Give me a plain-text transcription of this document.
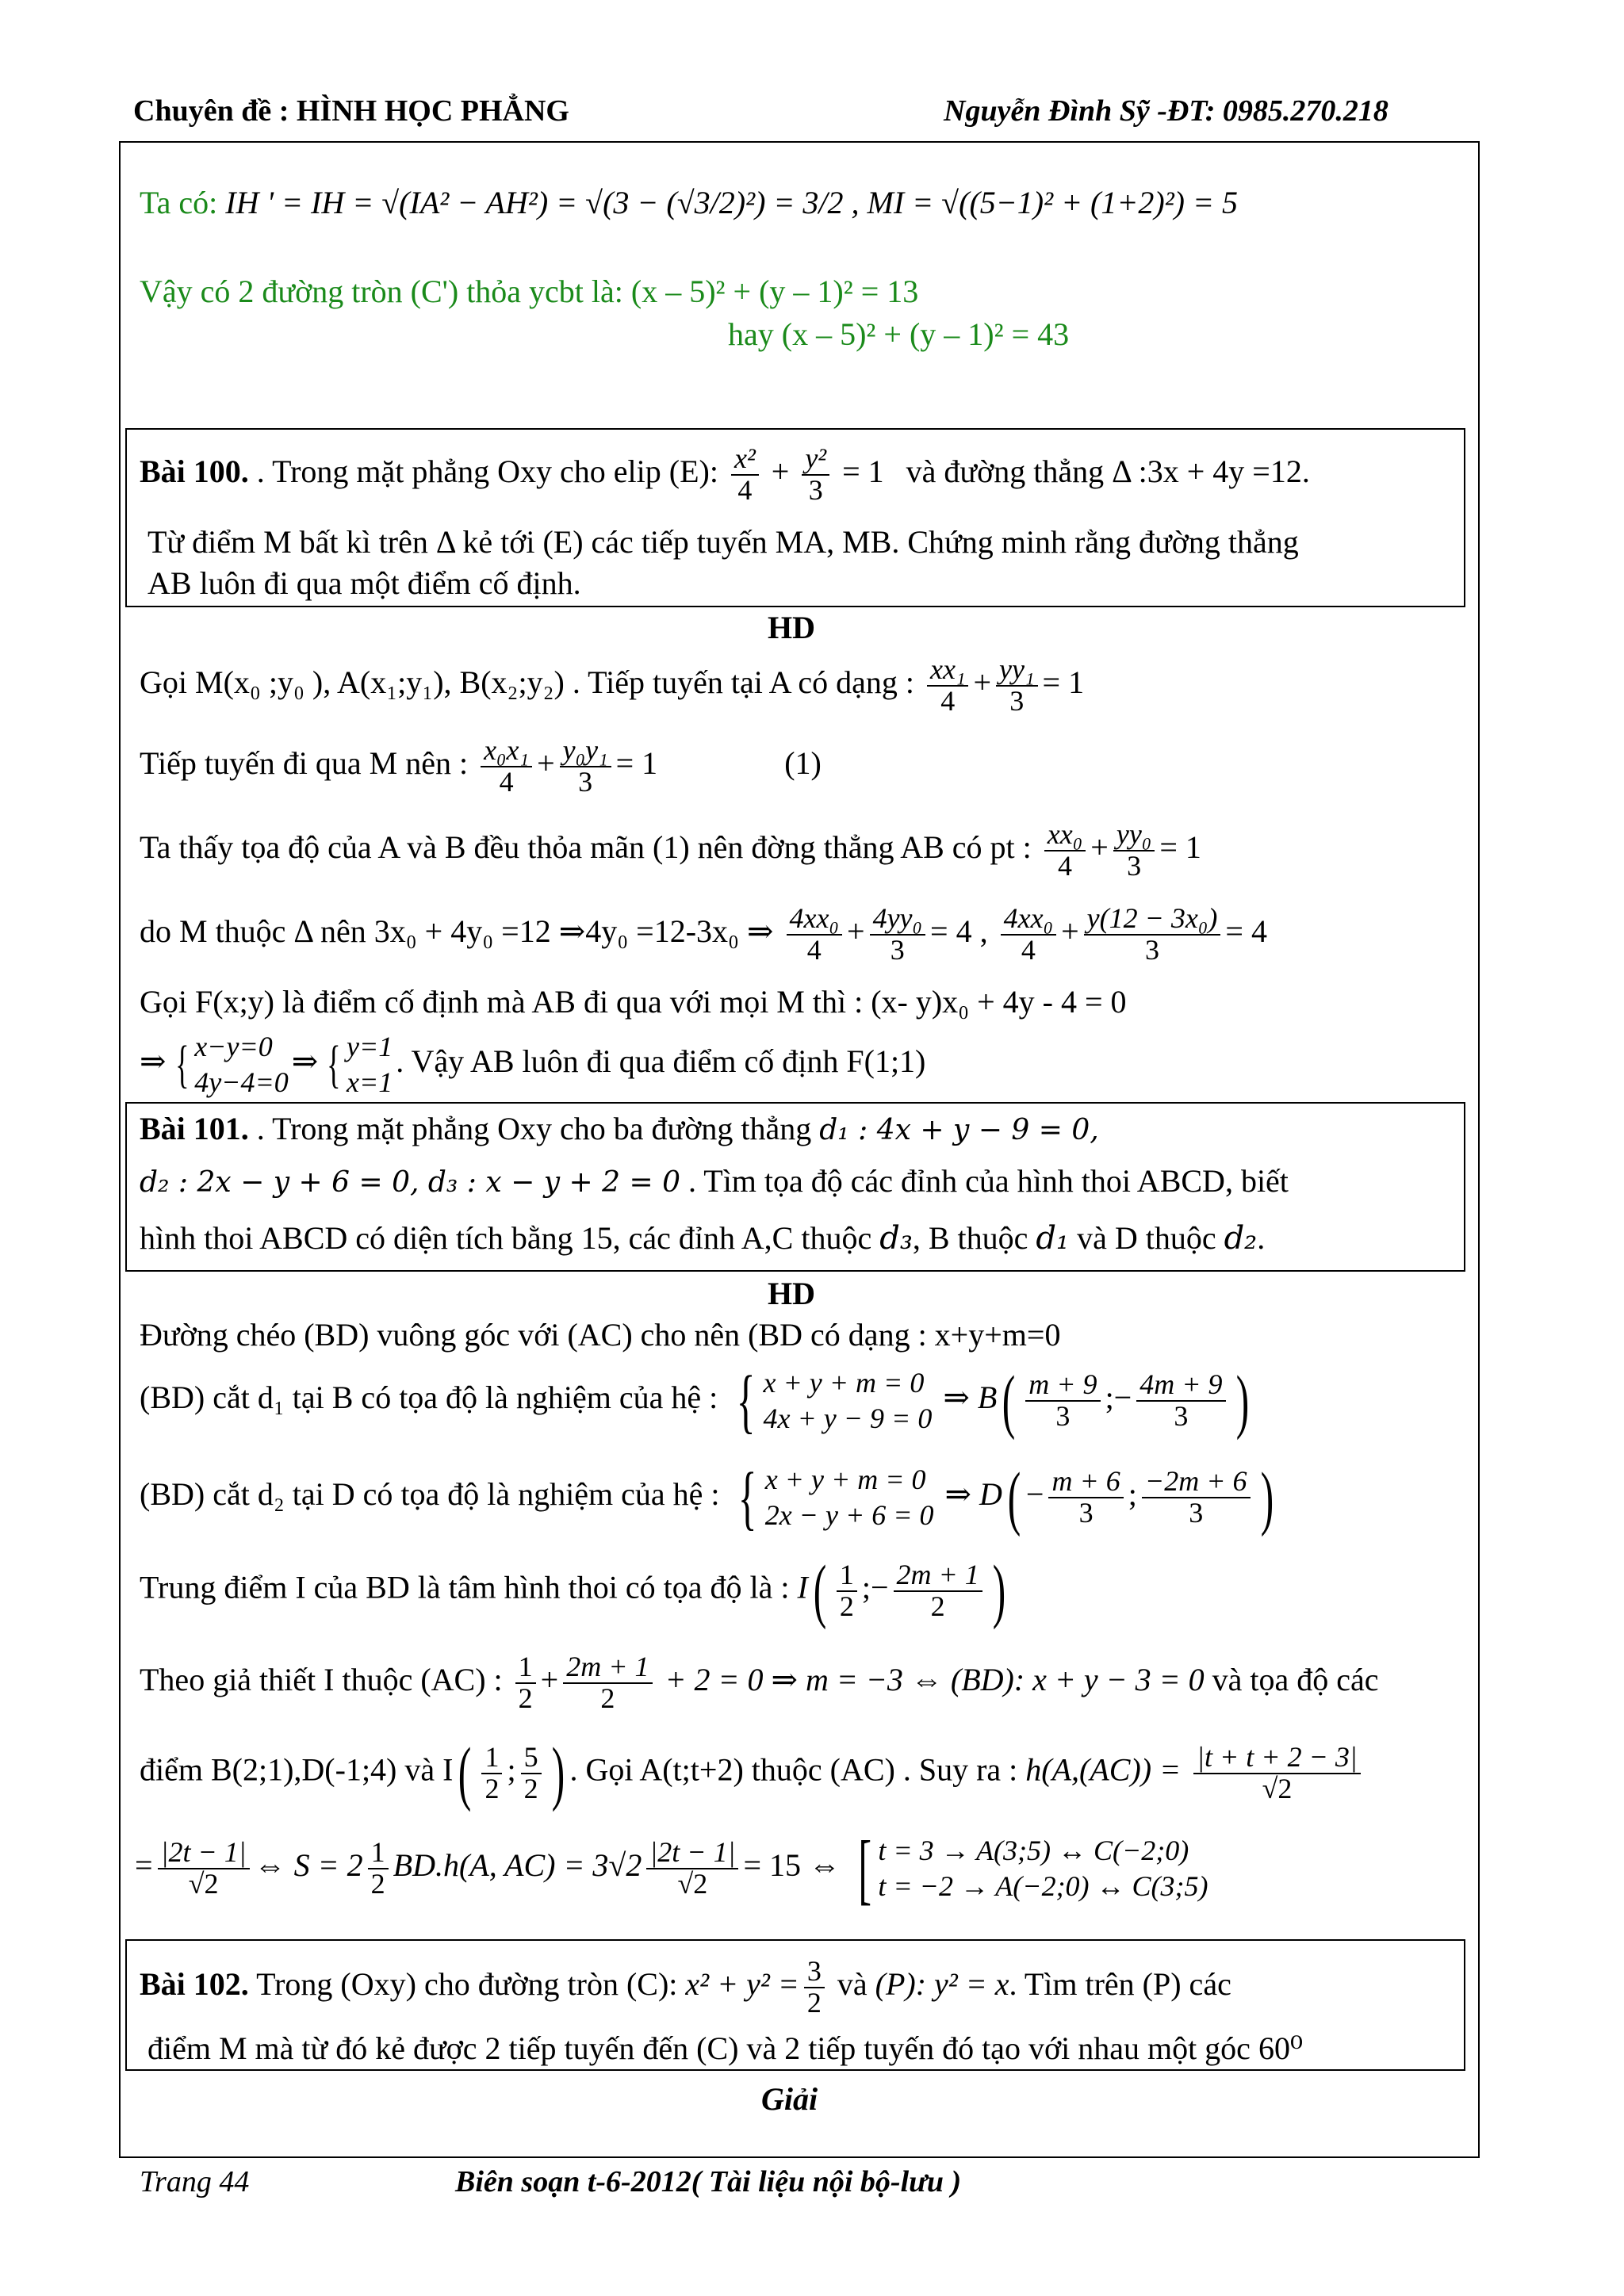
Chuyên đề : HÌNH HỌC PHẲNG	Nguyễn Đình Sỹ -ĐT: 0985.270.218
Ta có: IH ' = IH = √(IA² − AH²) = √(3 − (√3/2)²) = 3/2 , MI = √((5−1)² + (1+2)²) = 5
Vậy có 2 đường tròn (C') thỏa ycbt là: (x – 5)² + (y – 1)² = 13
hay (x – 5)² + (y – 1)² = 43
Bài 100. . Trong mặt phẳng Oxy cho elip (E): $\frac{\text{x²}}{4} + \frac{\text{y²}}{3} = 1$ và đường thẳng Δ :3x + 4y =12.
Từ điểm M bất kì trên Δ kẻ tới (E) các tiếp tuyến MA, MB. Chứng minh rằng đường thẳng
AB luôn đi qua một điểm cố định.
HD
Gọi M(x₀ ;y₀ ), A(x₁;y₁), B(x₂;y₂) . Tiếp tuyến tại A có dạng : $\frac{\text{xx₁}}{4} + \frac{\text{yy₁}}{3} = 1$
Tiếp tuyến đi qua M nên : $\frac{\text{x₀x₁}}{4} + \frac{\text{y₀y₁}}{3} = 1$	(1)
Ta thấy tọa độ của A và B đều thỏa mãn (1) nên đờng thẳng AB có pt : $\frac{\text{xx₀}}{4} + \frac{\text{yy₀}}{3} = 1$
do M thuộc Δ nên 3x₀ + 4y₀ =12 ⇒4y₀ =12-3x₀ ⇒ $\frac{\text{4xx₀}}{4} + \frac{\text{4yy₀}}{3} = 4$ , $\frac{\text{4xx₀}}{4} + \frac{\text{y(12 − 3x₀)}}{3} = 4$
Gọi F(x;y) là điểm cố định mà AB đi qua với mọi M thì : (x- y)x₀ + 4y - 4 = 0
⇒ { x−y=0
4y−4=0
⇒ { y=1
x=1
. Vậy AB luôn đi qua điểm cố định F(1;1)
Bài 101. . Trong mặt phẳng Oxy cho ba đường thẳng d₁ : 4x + y − 9 = 0,
d₂ : 2x − y + 6 = 0, d₃ : x − y + 2 = 0 . Tìm tọa độ các đỉnh của hình thoi ABCD, biết
hình thoi ABCD có diện tích bằng 15, các đỉnh A,C thuộc d₃, B thuộc d₁ và D thuộc d₂.
HD
Đường chéo (BD) vuông góc với (AC) cho nên (BD có dạng : x+y+m=0
(BD) cắt d₁ tại B có tọa độ là nghiệm của hệ : { x + y + m = 0
4x + y − 9 = 0
⇒ $B( \frac{m + 9}{3}$ ;− $\frac{4m + 9}{3}$ )
(BD) cắt d₂ tại D có tọa độ là nghiệm của hệ : { x + y + m = 0
2x − y + 6 = 0
⇒ $D( - \frac{m + 6}{3}$ ; $\frac{-2m + 6}{3}$ )
Trung điểm I của BD là tâm hình thoi có tọa độ là : $I( \frac{1}{2}$ ;− $\frac{2m + 1}{2}$ )
Theo giả thiết I thuộc (AC) : $\frac{1}{2} + \frac{2m + 1}{2} + 2 = 0$ ⇒ m = −3 ⇔ (BD): x + y − 3 = 0 và tọa độ các
điểm B(2;1),D(-1;4) và $I( \frac{1}{2}$ ; $\frac{5}{2}$ ) . Gọi A(t;t+2) thuộc (AC) . Suy ra : $h(A,(AC)) = \frac{|t + t + 2 - 3|}{√2}$
= $\frac{|2t - 1|}{√2}$ ⇔ $S = 2 \frac{1}{2} BD.h(A$, $AC) = 3√2 \frac{|2t - 1|}{√2} = 15$ ⇔ [ t = 3 → A(3;5) ↔ C(−2;0)
t = −2 → A(−2;0) ↔ C(3;5)
Bài 102. Trong (Oxy) cho đường tròn (C): $x^2 + y^2 = \frac{3}{2}$ và (P): y² = x. Tìm trên (P) các
điểm M mà từ đó kẻ được 2 tiếp tuyến đến (C) và 2 tiếp tuyến đó tạo với nhau một góc 60⁰
Giải
Trang 44	Biên soạn t-6-2012( Tài liệu nội bộ-lưu )
